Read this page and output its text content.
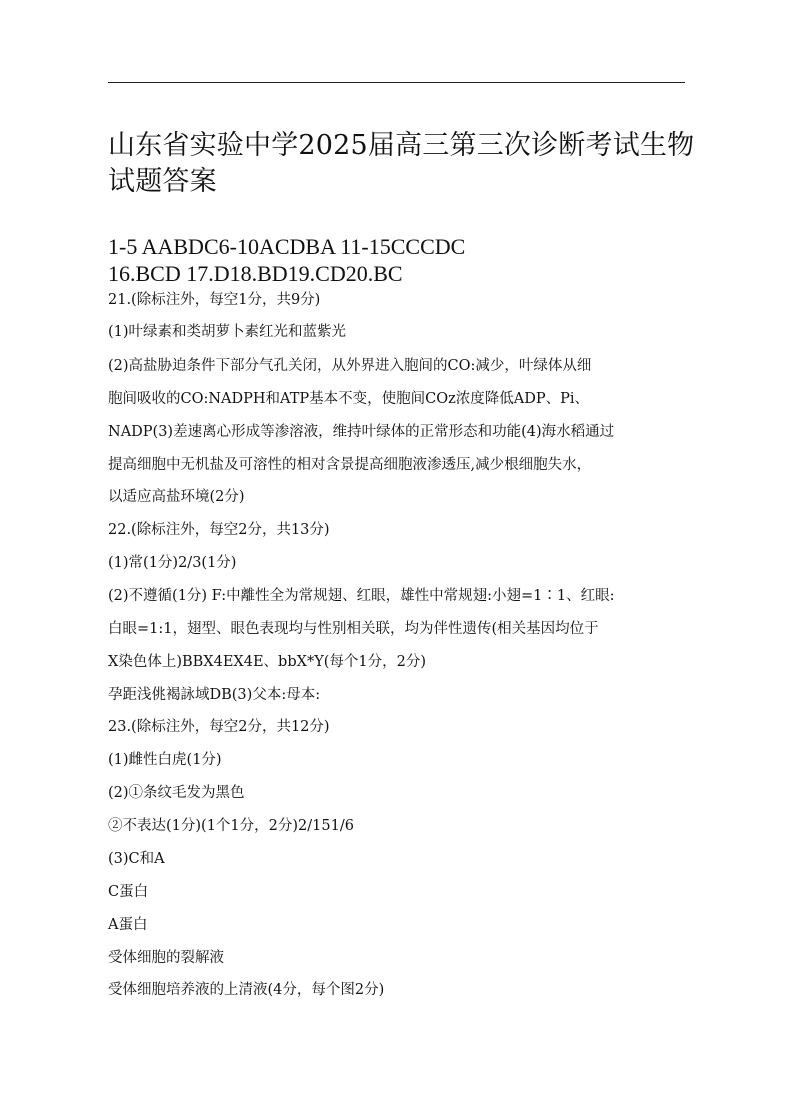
山东省实验中学2025届高三第三次诊断考试生物试题答案
1-5 AABDC6-10ACDBA 11-15CCCDC
16.BCD 17.D18.BD19.CD20.BC
21.(除标注外，每空1分，共9分)
(1)叶绿素和类胡萝卜素红光和蓝紫光
(2)高盐胁迫条件下部分气孔关闭，从外界进入胞间的CO:减少，叶绿体从细
胞间吸收的CO:NADPH和ATP基本不变，使胞间COz浓度降低ADP、Pi、
NADP(3)差速离心形成等渗溶液，维持叶绿体的正常形态和功能(4)海水稻通过
提高细胞中无机盐及可溶性的相对含景提高细胞液渗透压,减少根细胞失水，
以适应高盐环境(2分)
22.(除标注外，每空2分，共13分)
(1)常(1分)2/3(1分)
(2)不遵循(1分) F:中離性全为常规翅、红眼，雄性中常规翅:小翅=1∶1、红眼:
白眼=1:1，翅型、眼色表现均与性别相关联，均为伴性遗传(相关基因均位于
X染色体上)BBX4EX4E、bbX*Y(每个1分，2分)
孕距浅佻褐詠域DB(3)父本:母本:
23.(除标注外，每空2分，共12分)
(1)雌性白虎(1分)
(2)①条纹毛发为黑色
②不表达(1分)(1个1分，2分)2/151/6
(3)C和A
C蛋白
A蛋白
受体细胞的裂解液
受体细胞培养液的上清液(4分，每个图2分)
